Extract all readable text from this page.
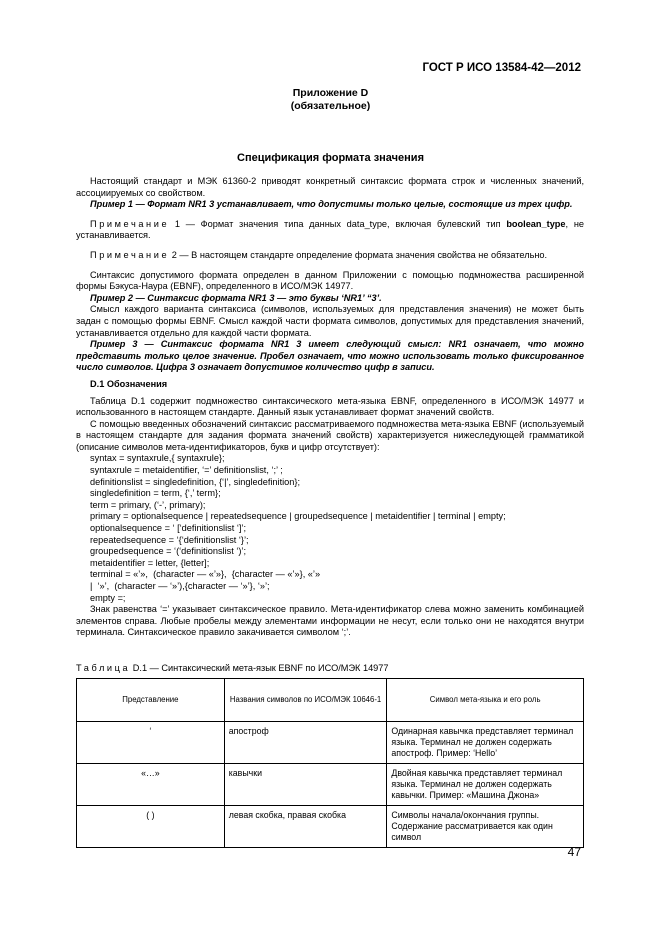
ГОСТ Р ИСО 13584-42—2012
Приложение D
(обязательное)
Спецификация формата значения

Настоящий стандарт и МЭК 61360-2 приводят конкретный синтаксис формата строк и численных значений, ассоциируемых со свойством.

Пример 1 — Формат NR1 3 устанавливает, что допустимы только целые, состоящие из трех цифр.

Примечание 1 — Формат значения типа данных data_type, включая булевский тип boolean_type, не устанавливается.

Примечание 2 — В настоящем стандарте определение формата значения свойства не обязательно.

Синтаксис допустимого формата определен в данном Приложении с помощью подмножества расширенной формы Бэкуса-Наура (EBNF), определенного в ИСО/МЭК 14977.

Пример 2 — Синтаксис формата NR1 3 — это буквы ‘NR1’ “3’.

Смысл каждого варианта синтаксиса (символов, используемых для представления значения) не может быть задан с помощью формы EBNF. Смысл каждой части формата символов, допустимых для представления значений, устанавливается отдельно для каждой части формата.

Пример 3 — Синтаксис формата NR1 3 имеет следующий смысл: NR1 означает, что можно представить только целое значение. Пробел означает, что можно использовать только фиксированное число символов. Цифра 3 означает допустимое количество цифр в записи.

D.1 Обозначения

Таблица D.1 содержит подмножество синтаксического мета-языка EBNF, определенного в ИСО/МЭК 14977 и использованного в настоящем стандарте. Данный язык устанавливает формат значений свойств.

С помощью введенных обозначений синтаксис рассматриваемого подмножества мета-языка EBNF (используемый в настоящем стандарте для задания формата значений свойств) характеризуется нижеследующей грамматикой (описание символов мета-идентификаторов, букв и цифр отсутствует):

syntax = syntaxrule,{ syntaxrule};

syntaxrule = metaidentifier, ‘=’ definitionslist, ‘;’ ;

definitionslist = singledefinition, {‘|’, singledefinition};

singledefinition = term, {‘,’ term};

term = primary, (‘-’, primary);

primary = optionalsequence | repeatedsequence | groupedsequence | metaidentifier | terminal | empty;

optionalsequence = ‘ [‘definitionslist ‘]’;

repeatedsequence = ‘{‘definitionslist ‘}’;

groupedsequence = ‘(‘definitionslist ‘)’;

metaidentifier = letter, {letter];

terminal = «’»,  (character — «’»},  {character — «’»}, «’»

|  ‘»’,  (character — ‘»’),{character — ‘»’}, ‘»’;

empty =;

Знак равенства ‘=’ указывает синтаксическое правило. Мета-идентификатор слева можно заменить комбинацией элементов справа. Любые пробелы между элементами информации не несут, если только они не находятся внутри терминала. Синтаксическое правило закачивается символом ‘;’.

Таблица D.1 — Синтаксический мета-язык EBNF по ИСО/МЭК 14977
Представление	Названия символов по ИСО/МЭК 10646-1	Символ мета-языка и его роль
‘	апостроф	Одинарная кавычка представляет терминал языка. Терминал не должен содержать апостроф. Пример: ‘Hello’
«…»	кавычки	Двойная кавычка представляет терминал языка. Терминал не должен содержать кавычки. Пример: «Машина Джона»
( )	левая скобка, правая скобка	Символы начала/окончания группы. Содержание рассматривается как один символ
47
